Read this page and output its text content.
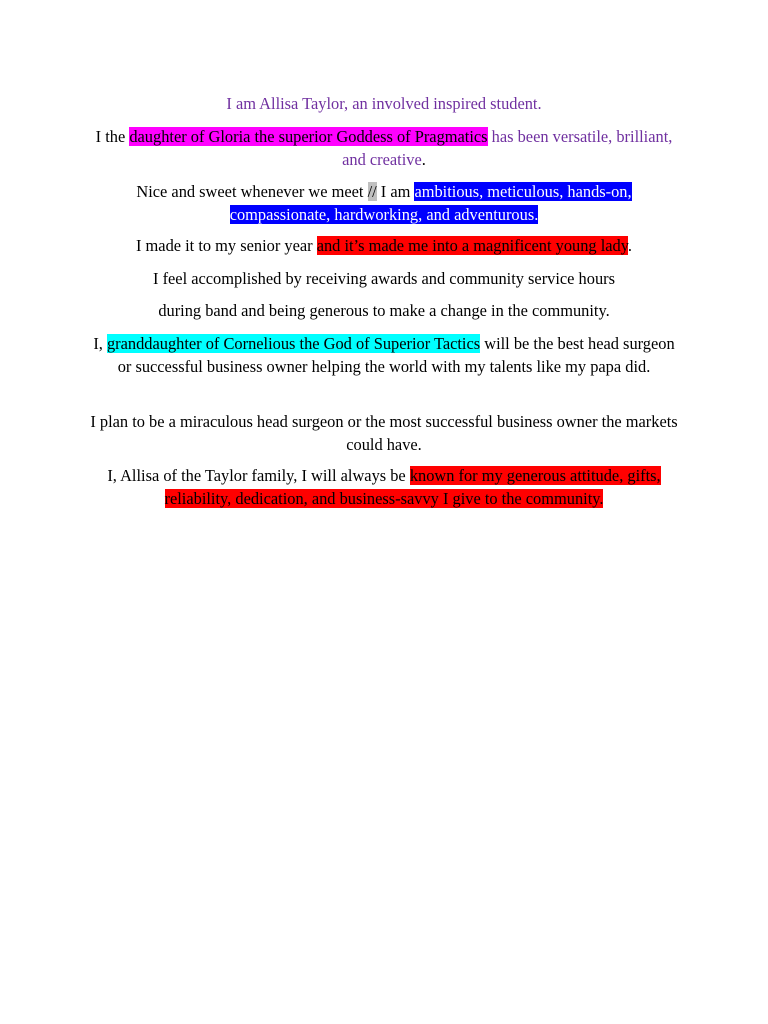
I am Allisa Taylor, an involved inspired student.

I the daughter of Gloria the superior Goddess of Pragmatics has been versatile, brilliant, and creative.

Nice and sweet whenever we meet // I am ambitious, meticulous, hands-on, compassionate, hardworking, and adventurous.

I made it to my senior year and it’s made me into a magnificent young lady.

I feel accomplished by receiving awards and community service hours

during band and being generous to make a change in the community.

I, granddaughter of Cornelious the God of Superior Tactics will be the best head surgeon or successful business owner helping the world with my talents like my papa did.

I plan to be a miraculous head surgeon or the most successful business owner the markets could have.

I, Allisa of the Taylor family, I will always be known for my generous attitude, gifts, reliability, dedication, and business-savvy I give to the community.
